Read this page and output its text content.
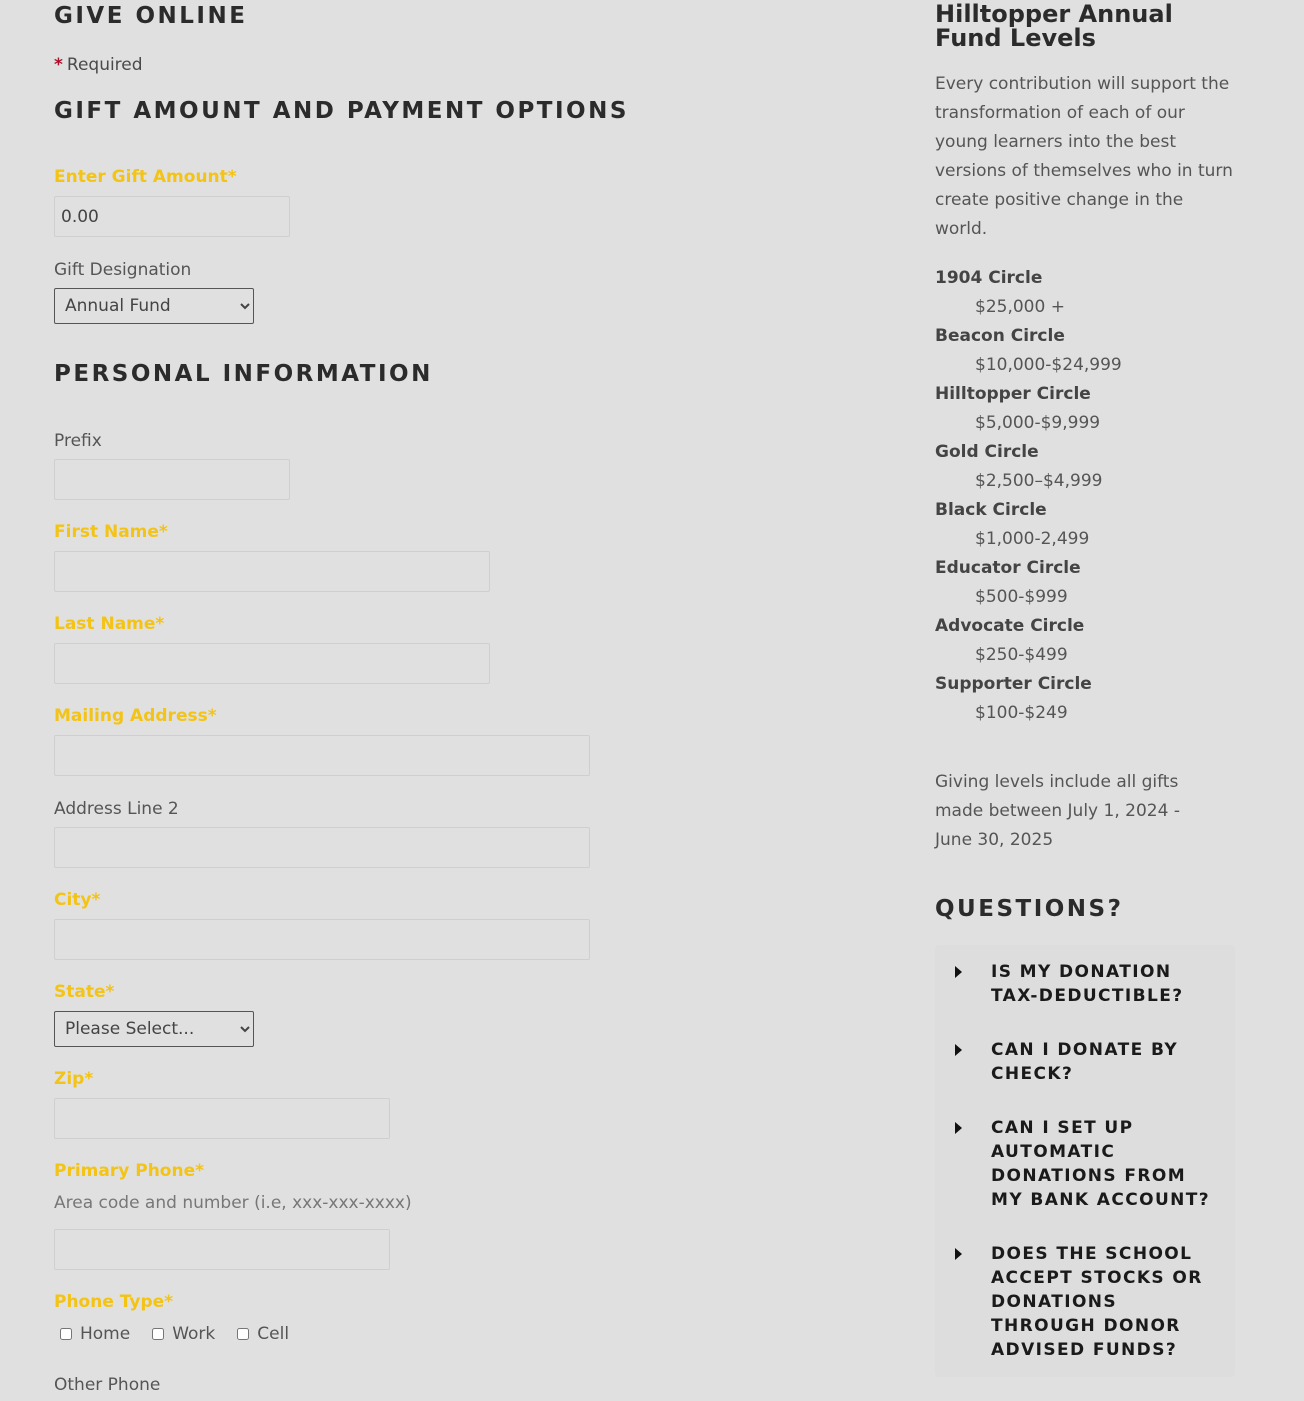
GIVE ONLINE
* Required
GIFT AMOUNT AND PAYMENT OPTIONS
Enter Gift Amount*
0.00
Gift Designation
Annual Fund
PERSONAL INFORMATION
Prefix
First Name*
Last Name*
Mailing Address*
Address Line 2
City*
State*
Please Select...
Zip*
Primary Phone*
Area code and number (i.e, xxx-xxx-xxxx)
Phone Type*
Home Work Cell
Other Phone
Hilltopper Annual Fund Levels

Every contribution will support the transformation of each of our young learners into the best versions of themselves who in turn create positive change in the world.

1904 Circle
$25,000 +
Beacon Circle
$10,000-$24,999
Hilltopper Circle
$5,000-$9,999
Gold Circle
$2,500–$4,999
Black Circle
$1,000-2,499
Educator Circle
$500-$999
Advocate Circle
$250-$499
Supporter Circle
$100-$249

Giving levels include all gifts made between July 1, 2024 - June 30, 2025

QUESTIONS?
IS MY DONATION TAX-DEDUCTIBLE?
CAN I DONATE BY CHECK?
CAN I SET UP AUTOMATIC DONATIONS FROM MY BANK ACCOUNT?
DOES THE SCHOOL ACCEPT STOCKS OR DONATIONS THROUGH DONOR ADVISED FUNDS?
